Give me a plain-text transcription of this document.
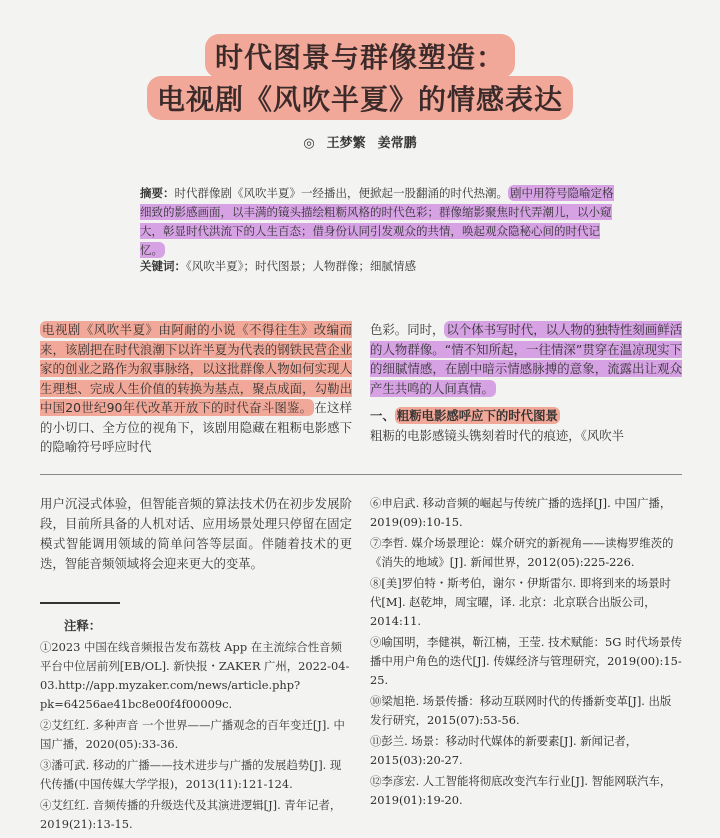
时代图景与群像塑造：
电视剧《风吹半夏》的情感表达
◎ 王梦繁 姜常鹏
摘要：时代群像剧《风吹半夏》一经播出，便掀起一股翻涌的时代热潮。 剧中用符号隐喻定格细致的影感画面，以丰满的镜头描绘粗粝风格的时代色彩；群像缩影聚焦时代弄潮儿，以小窥大，彰显时代洪流下的人生百态；借身份认同引发观众的共情，唤起观众隐秘心间的时代记忆。
关键词：《风吹半夏》；时代图景；人物群像；细腻情感
电视剧《风吹半夏》由阿耐的小说《不得往生》改编而来，该剧把在时代浪潮下以许半夏为代表的钢铁民营企业家的创业之路作为叙事脉络，以这批群像人物如何实现人生理想、完成人生价值的转换为基点，聚点成面，勾勒出中国20世纪90年代改革开放下的时代奋斗图鉴。 在这样的小切口、全方位的视角下，该剧用隐藏在粗粝电影感下的隐喻符号呼应时代
色彩。同时， 以个体书写时代，以人物的独特性刻画鲜活的人物群像。“情不知所起，一往情深”贯穿在温凉现实下的细腻情感，在剧中暗示情感脉搏的意象，流露出让观众产生共鸣的人间真情。
一、 粗粝电影感呼应下的时代图景
粗粝的电影感镜头镌刻着时代的痕迹，《风吹半
用户沉浸式体验，但智能音频的算法技术仍在初步发展阶段，目前所具备的人机对话、应用场景处理只停留在固定模式智能调用领域的简单问答等层面。伴随着技术的更迭，智能音频领域将会迎来更大的变革。
注释：
①2023 中国在线音频报告发布荔枝 App 在主流综合性音频平台中位居前列[EB/OL]. 新快报・ZAKER 广州，2022-04-03.http://app.myzaker.com/news/article.php?pk=64256ae41bc8e00f4f00009c.
②艾红红. 多种声音 一个世界——广播观念的百年变迁[J]. 中国广播，2020(05):33-36.
③潘可武. 移动的广播——技术进步与广播的发展趋势[J]. 现代传播(中国传媒大学学报)，2013(11):121-124.
④艾红红. 音频传播的升级迭代及其演进逻辑[J]. 青年记者，2019(21):13-15.
⑥申启武. 移动音频的崛起与传统广播的选择[J]. 中国广播，2019(09):10-15.
⑦李哲. 媒介场景理论：媒介研究的新视角——读梅罗维茨的《消失的地域》[J]. 新闻世界，2012(05):225-226.
⑧[美]罗伯特・斯考伯，谢尔・伊斯雷尔. 即将到来的场景时代[M]. 赵乾坤，周宝曜，译. 北京：北京联合出版公司，2014:11.
⑨喻国明，李健祺，靳江楠，王莹. 技术赋能：5G 时代场景传播中用户角色的迭代[J]. 传媒经济与管理研究，2019(00):15-25.
⑩梁旭艳. 场景传播：移动互联网时代的传播新变革[J]. 出版发行研究，2015(07):53-56.
⑪彭兰. 场景：移动时代媒体的新要素[J]. 新闻记者，2015(03):20-27.
⑫李彦宏. 人工智能将彻底改变汽车行业[J]. 智能网联汽车，2019(01):19-20.
